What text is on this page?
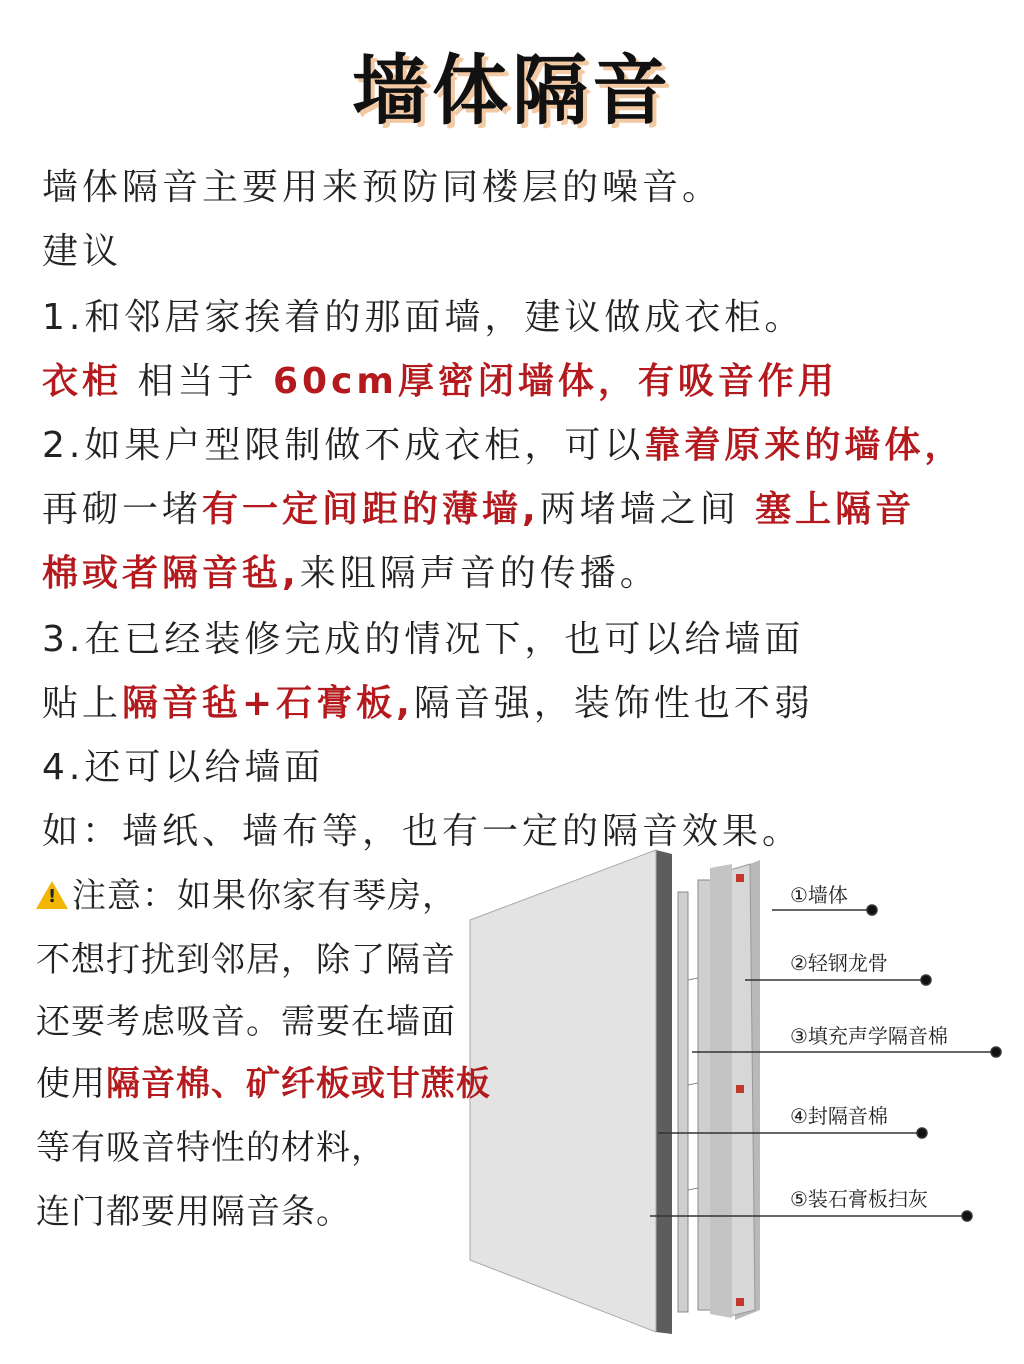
墙体隔音
墙体隔音主要用来预防同楼层的噪音。
建议
1.和邻居家挨着的那面墙，建议做成衣柜。
衣柜 相当于 60cm厚密闭墙体，有吸音作用
2.如果户型限制做不成衣柜，可以靠着原来的墙体，
再砌一堵有一定间距的薄墙,两堵墙之间 塞上隔音
棉或者隔音毡,来阻隔声音的传播。
3.在已经装修完成的情况下，也可以给墙面
贴上隔音毡+石膏板,隔音强，装饰性也不弱
4.还可以给墙面
如：墙纸、墙布等，也有一定的隔音效果。
①墙体
②轻钢龙骨
③填充声学隔音棉
④封隔音棉
⑤装石膏板扫灰
! 注意：如果你家有琴房，
不想打扰到邻居，除了隔音
还要考虑吸音。需要在墙面
使用隔音棉、矿纤板或甘蔗板
等有吸音特性的材料，
连门都要用隔音条。
